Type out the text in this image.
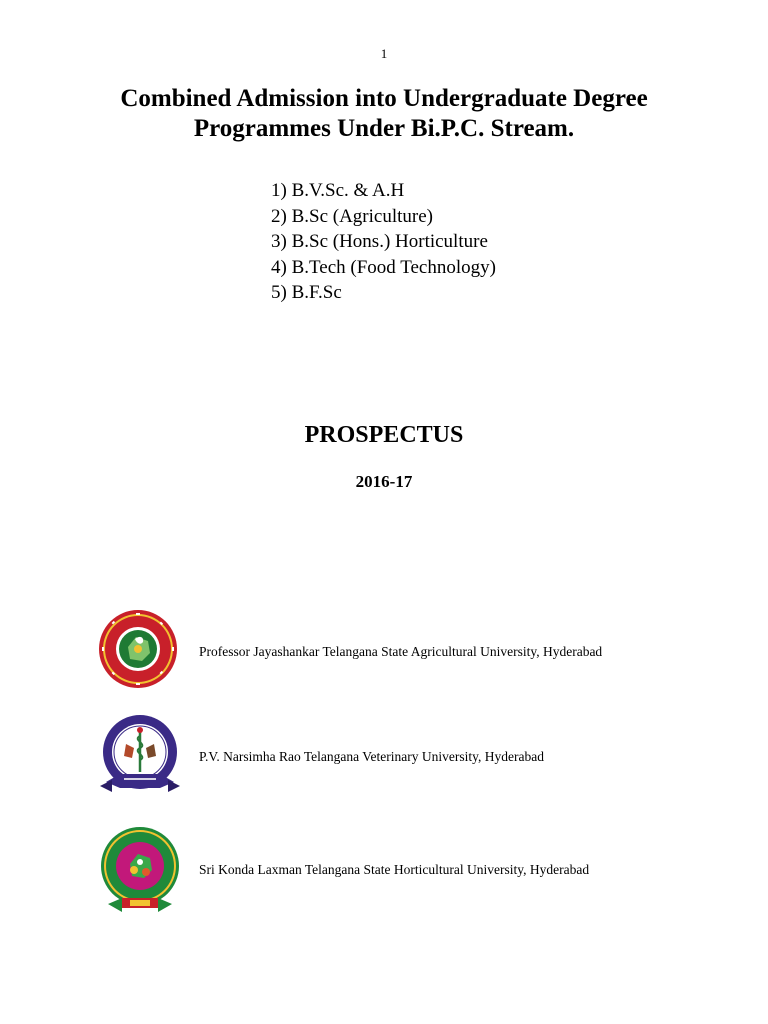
1
Combined Admission into Undergraduate Degree
Programmes Under Bi.P.C. Stream.
1) B.V.Sc. & A.H
2) B.Sc (Agriculture)
3) B.Sc (Hons.) Horticulture
4) B.Tech (Food Technology)
5) B.F.Sc
PROSPECTUS
2016-17
Professor Jayashankar Telangana State Agricultural University, Hyderabad
P.V. Narsimha Rao Telangana Veterinary University, Hyderabad
Sri Konda Laxman Telangana State Horticultural University, Hyderabad
